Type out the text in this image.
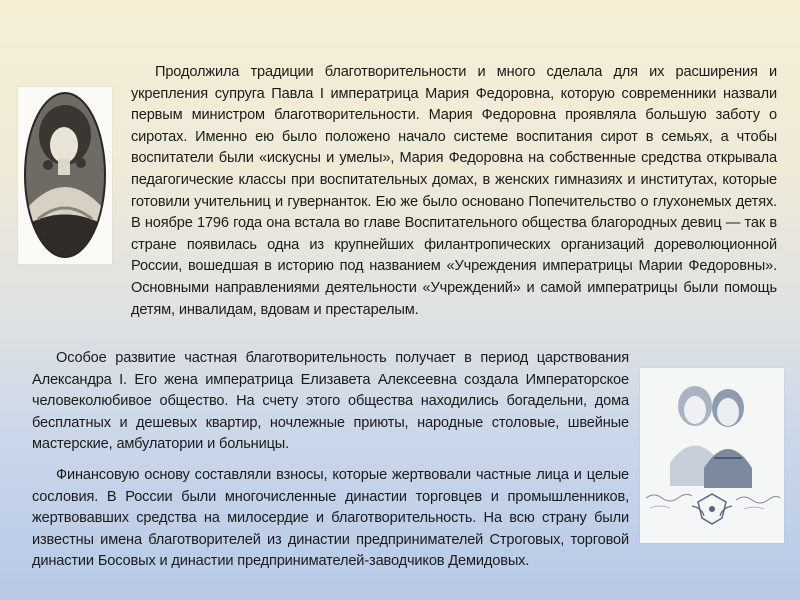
Продолжила традиции благотворительности и много сделала для их расширения и укрепления супруга Павла I императрица Мария Федоровна, которую современники назвали первым министром благотворительности. Мария Федоровна проявляла большую заботу о сиротах. Именно ею было положено начало системе воспитания сирот в семьях, а чтобы воспитатели были «искусны и умелы», Мария Федоровна на собственные средства открывала педагогические классы при воспитательных домах, в женских гимназиях и институтах, которые готовили учительниц и гувернанток. Ею же было основано Попечительство о глухонемых детях. В ноябре 1796 года она встала во главе Воспитательного общества благородных девиц — так в стране появилась одна из крупнейших филантропических организаций дореволюционной России, вошедшая в историю под названием «Учреждения императрицы Марии Федоровны». Основными направлениями деятельности «Учреждений» и самой императрицы были помощь детям, инвалидам, вдовам и престарелым.

Особое развитие частная благотворительность получает в период царствования Александра I. Его жена императрица Елизавета Алексеевна создала Императорское человеколюбивое общество. На счету этого общества находились богадельни, дома бесплатных и дешевых квартир, ночлежные приюты, народные столовые, швейные мастерские, амбулатории и больницы.

Финансовую основу составляли взносы, которые жертвовали частные лица и целые сословия. В России были многочисленные династии торговцев и промышленников, жертвовавших средства на милосердие и благотворительность. На всю страну были известны имена благотворителей из династии предпринимателей Строговых, торговой династии Босовых и династии предпринимателей-заводчиков Демидовых.
